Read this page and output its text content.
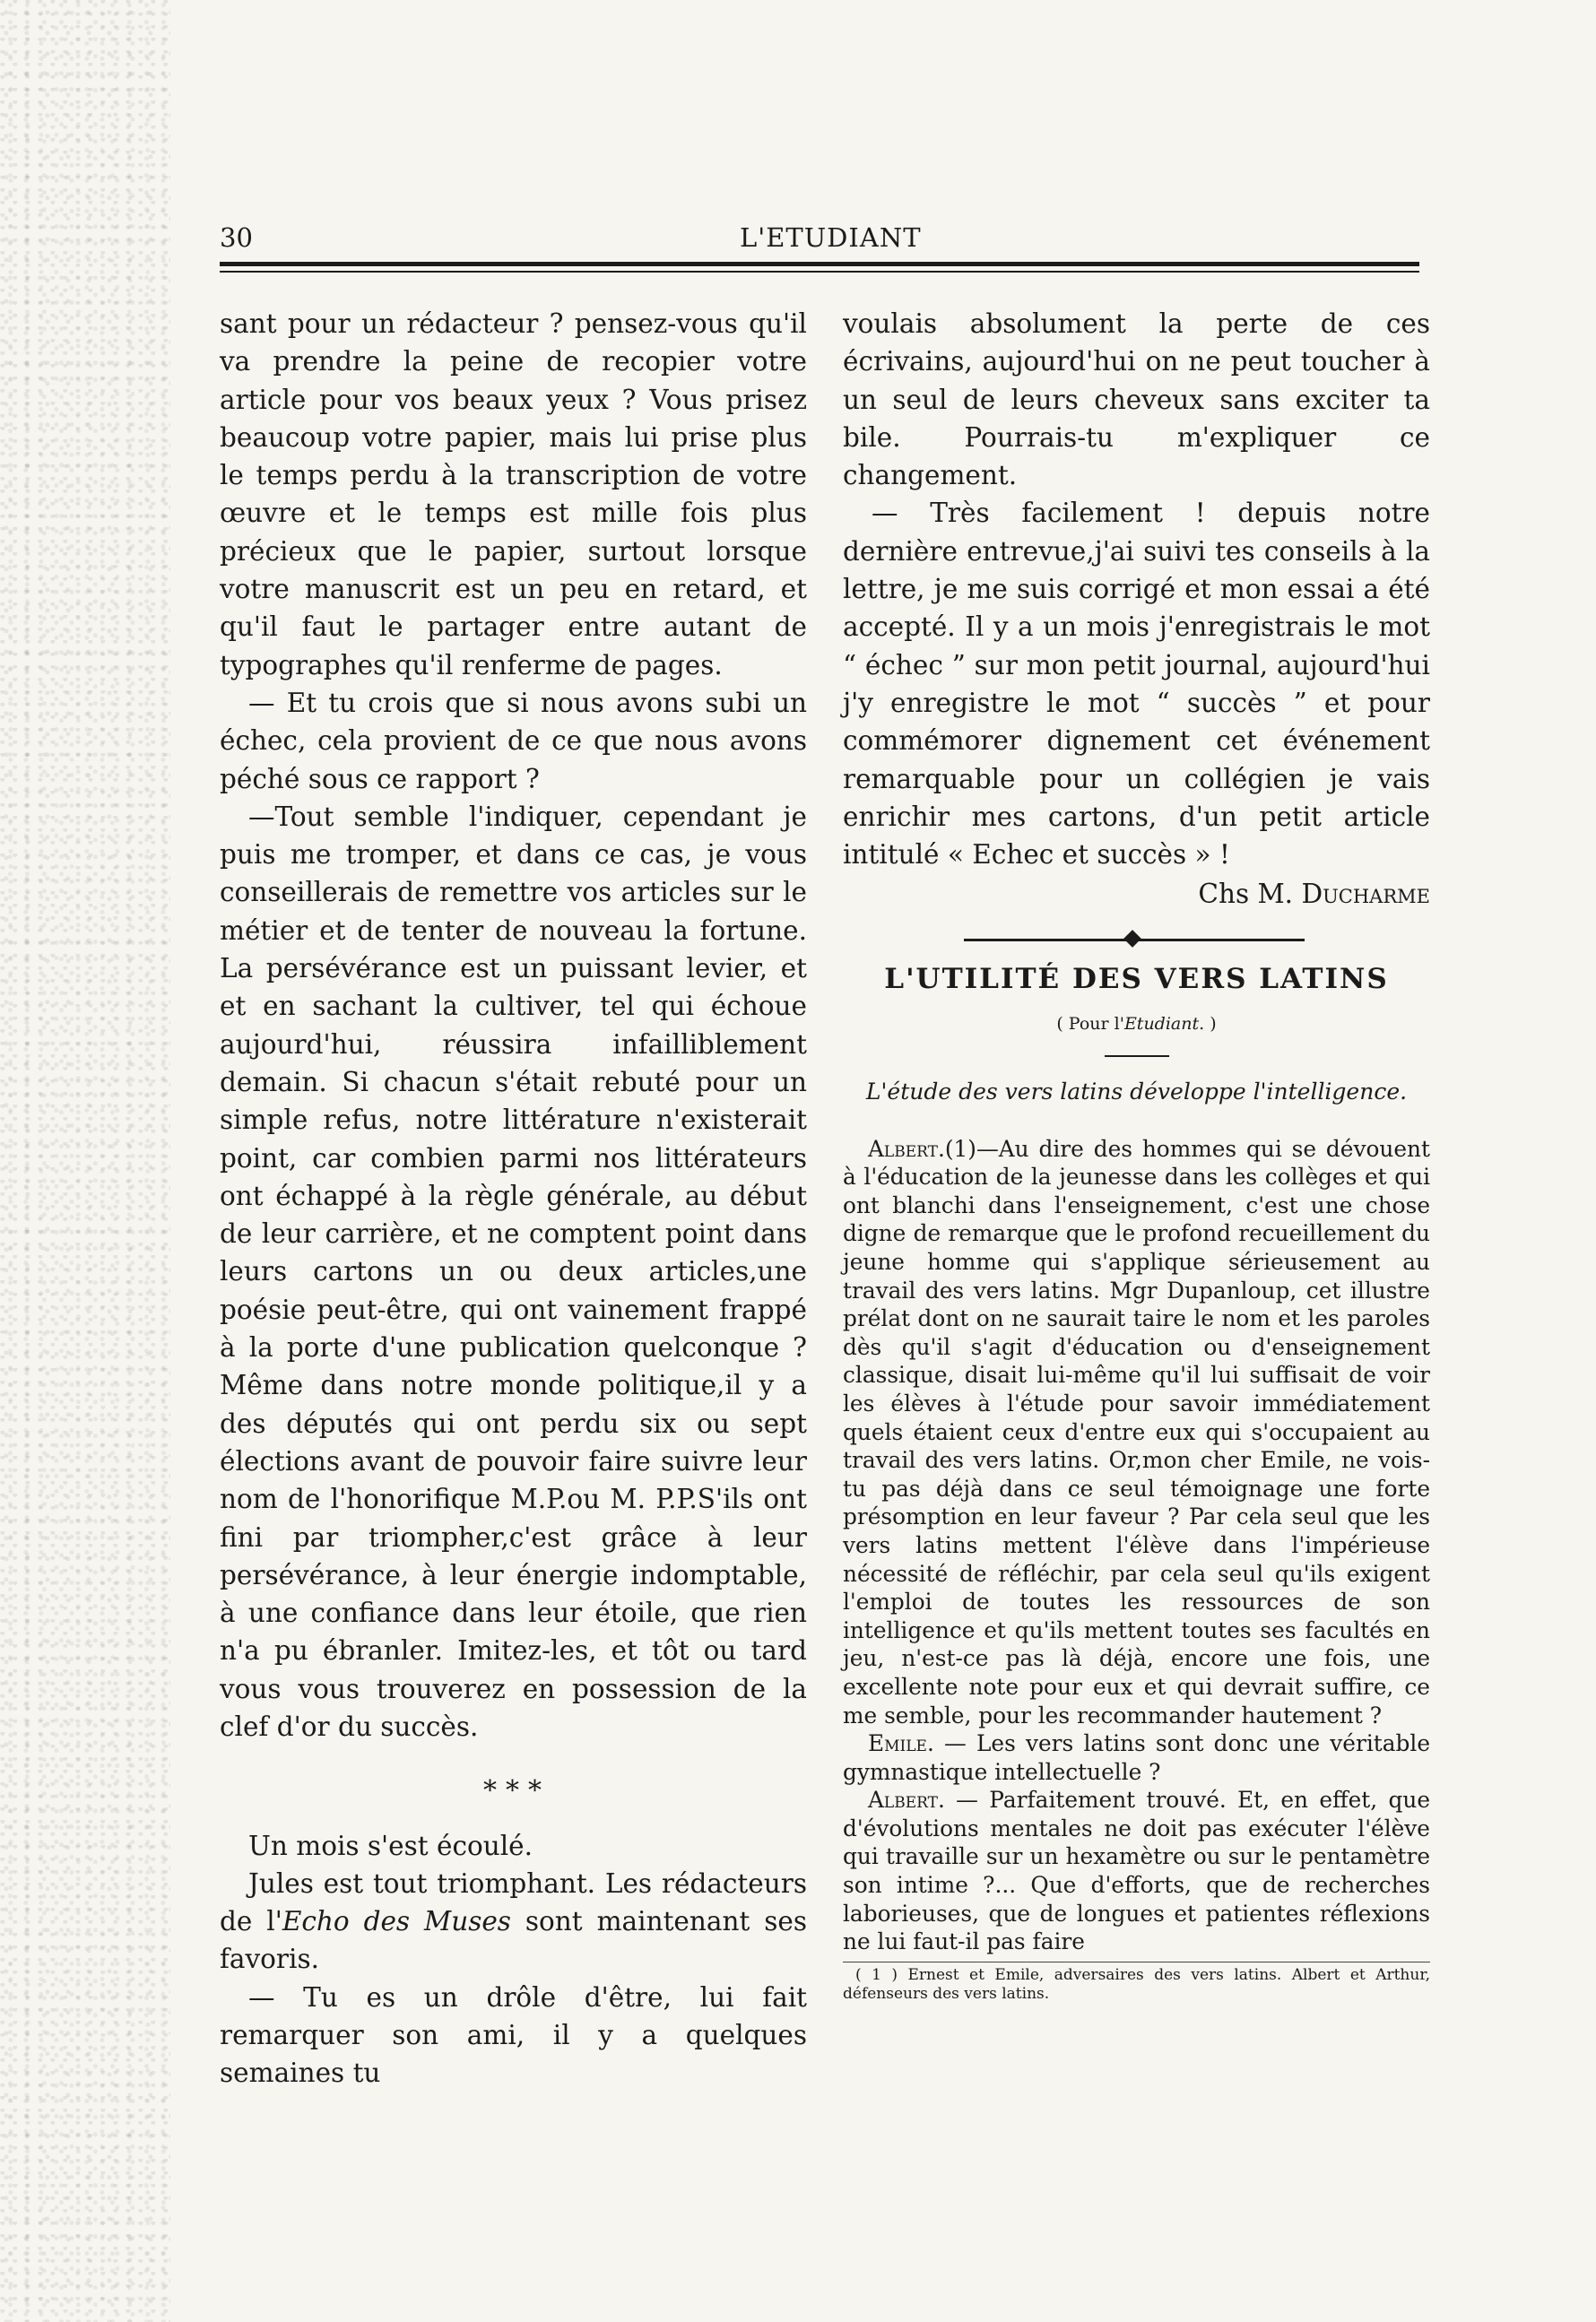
30	L'ETUDIANT

sant pour un rédacteur ? pensez-vous qu'il va prendre la peine de recopier votre article pour vos beaux yeux ? Vous prisez beaucoup votre papier, mais lui prise plus le temps perdu à la transcription de votre œuvre et le temps est mille fois plus précieux que le papier, surtout lorsque votre manuscrit est un peu en retard, et qu'il faut le partager entre autant de typographes qu'il renferme de pages.

— Et tu crois que si nous avons subi un échec, cela provient de ce que nous avons péché sous ce rapport ?

—Tout semble l'indiquer, cependant je puis me tromper, et dans ce cas, je vous conseillerais de remettre vos articles sur le métier et de tenter de nouveau la fortune. La persévérance est un puissant levier, et et en sachant la cultiver, tel qui échoue aujourd'hui, réussira infailliblement demain. Si chacun s'était rebuté pour un simple refus, notre littérature n'existerait point, car combien parmi nos littérateurs ont échappé à la règle générale, au début de leur carrière, et ne comptent point dans leurs cartons un ou deux articles,une poésie peut-être, qui ont vainement frappé à la porte d'une publication quelconque ? Même dans notre monde politique,il y a des députés qui ont perdu six ou sept élections avant de pouvoir faire suivre leur nom de l'honorifique M.P.ou M. P.P.S'ils ont fini par triompher,c'est grâce à leur persévérance, à leur énergie indomptable, à une confiance dans leur étoile, que rien n'a pu ébranler. Imitez-les, et tôt ou tard vous vous trouverez en possession de la clef d'or du succès.

* * *

Un mois s'est écoulé.

Jules est tout triomphant. Les rédacteurs de l'Echo des Muses sont maintenant ses favoris.

— Tu es un drôle d'être, lui fait remarquer son ami, il y a quelques semaines tu

voulais absolument la perte de ces écrivains, aujourd'hui on ne peut toucher à un seul de leurs cheveux sans exciter ta bile. Pourrais-tu m'expliquer ce changement.

— Très facilement ! depuis notre dernière entrevue,j'ai suivi tes conseils à la lettre, je me suis corrigé et mon essai a été accepté. Il y a un mois j'enregistrais le mot “ échec ” sur mon petit journal, aujourd'hui j'y enregistre le mot “ succès ” et pour commémorer dignement cet événement remarquable pour un collégien je vais enrichir mes cartons, d'un petit article intitulé « Echec et succès » !

Chs M. Ducharme

L'UTILITÉ DES VERS LATINS

( Pour l'Etudiant. )

L'étude des vers latins développe l'intelligence.

Albert.(1)—Au dire des hommes qui se dévouent à l'éducation de la jeunesse dans les collèges et qui ont blanchi dans l'enseignement, c'est une chose digne de remarque que le profond recueillement du jeune homme qui s'applique sérieusement au travail des vers latins. Mgr Dupanloup, cet illustre prélat dont on ne saurait taire le nom et les paroles dès qu'il s'agit d'éducation ou d'enseignement classique, disait lui-même qu'il lui suffisait de voir les élèves à l'étude pour savoir immédiatement quels étaient ceux d'entre eux qui s'occupaient au travail des vers latins. Or,mon cher Emile, ne vois-tu pas déjà dans ce seul témoignage une forte présomption en leur faveur ? Par cela seul que les vers latins mettent l'élève dans l'impérieuse nécessité de réfléchir, par cela seul qu'ils exigent l'emploi de toutes les ressources de son intelligence et qu'ils mettent toutes ses facultés en jeu, n'est-ce pas là déjà, encore une fois, une excellente note pour eux et qui devrait suffire, ce me semble, pour les recommander hautement ?

Emile. — Les vers latins sont donc une véritable gymnastique intellectuelle ?

Albert. — Parfaitement trouvé. Et, en effet, que d'évolutions mentales ne doit pas exécuter l'élève qui travaille sur un hexamètre ou sur le pentamètre son intime ?... Que d'efforts, que de recherches laborieuses, que de longues et patientes réflexions ne lui faut-il pas faire

( 1 ) Ernest et Emile, adversaires des vers latins. Albert et Arthur, défenseurs des vers latins.
